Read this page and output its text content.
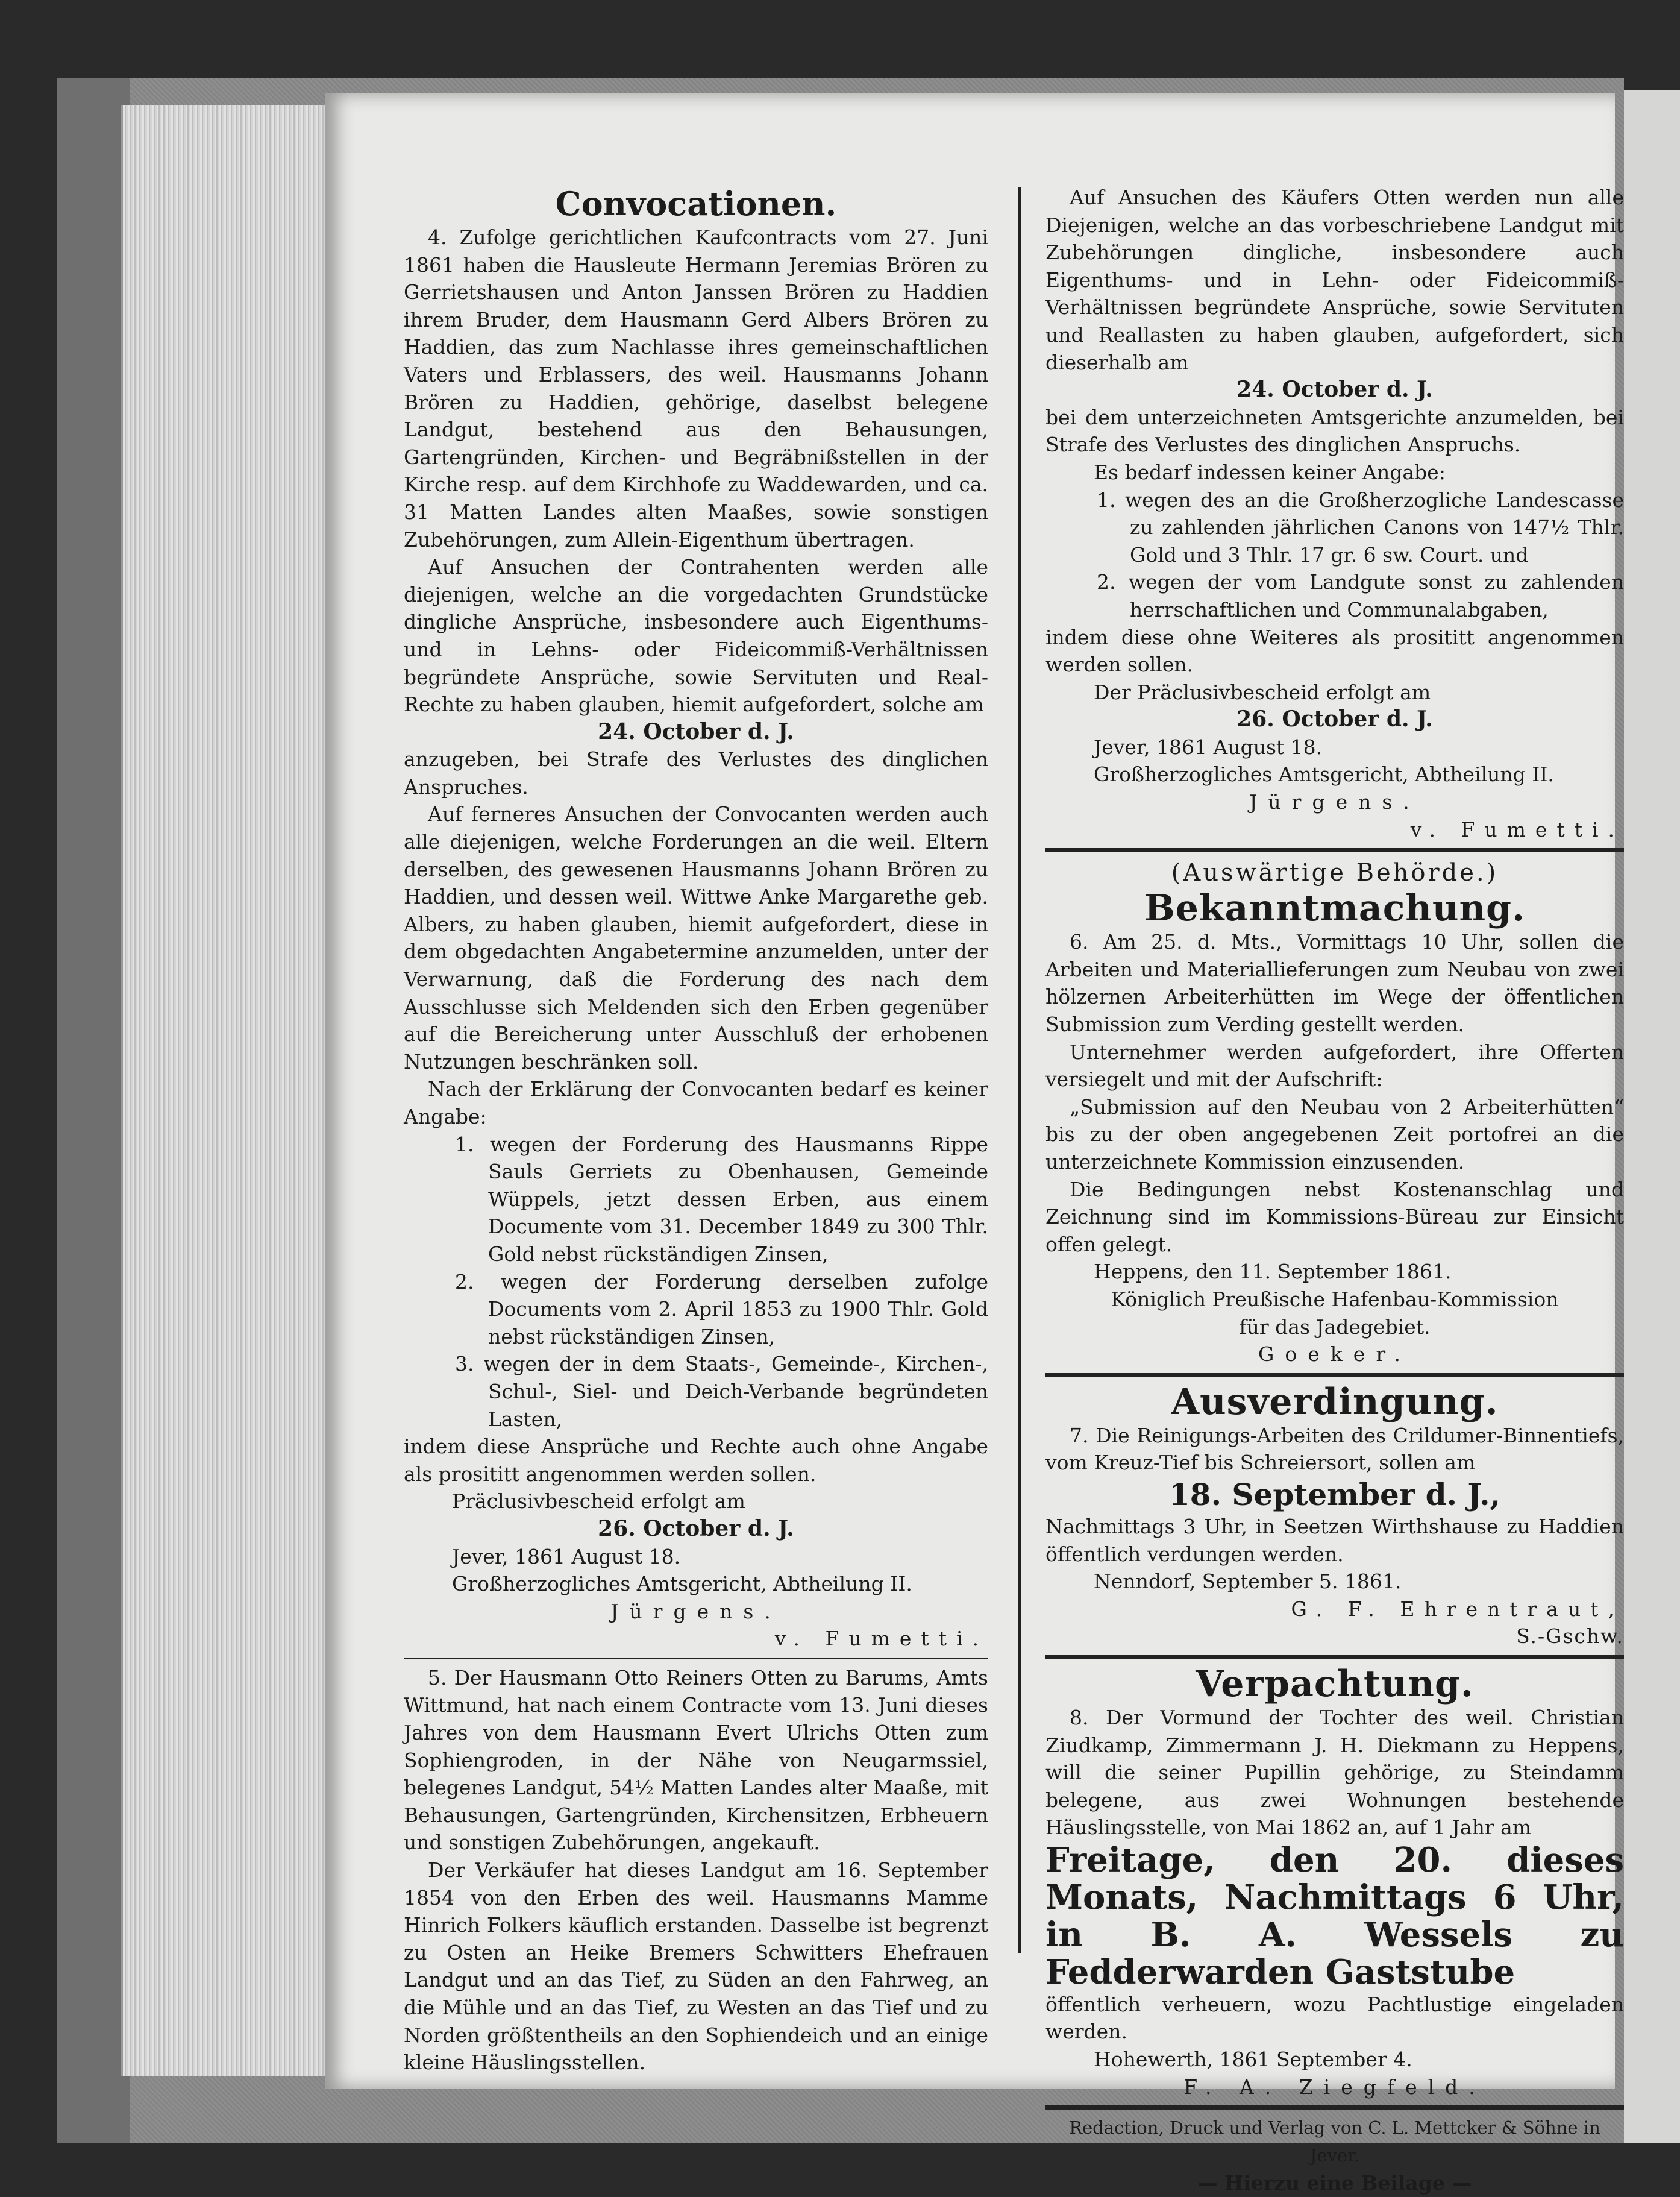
Convocationen.

4. Zufolge gerichtlichen Kaufcontracts vom 27. Juni 1861 haben die Hausleute Hermann Jeremias Brören zu Gerrietshausen und Anton Janssen Brören zu Haddien ihrem Bruder, dem Hausmann Gerd Albers Brören zu Haddien, das zum Nachlasse ihres gemeinschaftlichen Vaters und Erblassers, des weil. Hausmanns Johann Brören zu Haddien, gehörige, daselbst belegene Landgut, bestehend aus den Behausungen, Gartengründen, Kirchen- und Begräbnißstellen in der Kirche resp. auf dem Kirchhofe zu Waddewarden, und ca. 31 Matten Landes alten Maaßes, sowie sonstigen Zubehörungen, zum Allein-Eigenthum übertragen.

Auf Ansuchen der Contrahenten werden alle diejenigen, welche an die vorgedachten Grundstücke dingliche Ansprüche, insbesondere auch Eigenthums- und in Lehns- oder Fideicommiß-Verhältnissen begründete Ansprüche, sowie Servituten und Real-Rechte zu haben glauben, hiemit aufgefordert, solche am

24. October d. J.

anzugeben, bei Strafe des Verlustes des dinglichen Anspruches.

Auf ferneres Ansuchen der Convocanten werden auch alle diejenigen, welche Forderungen an die weil. Eltern derselben, des gewesenen Hausmanns Johann Brören zu Haddien, und dessen weil. Wittwe Anke Margarethe geb. Albers, zu haben glauben, hiemit aufgefordert, diese in dem obgedachten Angabetermine anzumelden, unter der Verwarnung, daß die Forderung des nach dem Ausschlusse sich Meldenden sich den Erben gegenüber auf die Bereicherung unter Ausschluß der erhobenen Nutzungen beschränken soll.

Nach der Erklärung der Convocanten bedarf es keiner Angabe:

1. wegen der Forderung des Hausmanns Rippe Sauls Gerriets zu Obenhausen, Gemeinde Wüppels, jetzt dessen Erben, aus einem Documente vom 31. December 1849 zu 300 Thlr. Gold nebst rückständigen Zinsen,

2. wegen der Forderung derselben zufolge Documents vom 2. April 1853 zu 1900 Thlr. Gold nebst rückständigen Zinsen,

3. wegen der in dem Staats-, Gemeinde-, Kirchen-, Schul-, Siel- und Deich-Verbande begründeten Lasten,

indem diese Ansprüche und Rechte auch ohne Angabe als prosititt angenommen werden sollen.

Präclusivbescheid erfolgt am

26. October d. J.

Jever, 1861 August 18.

Großherzogliches Amtsgericht, Abtheilung II.

Jürgens.

v. Fumetti.

5. Der Hausmann Otto Reiners Otten zu Barums, Amts Wittmund, hat nach einem Contracte vom 13. Juni dieses Jahres von dem Hausmann Evert Ulrichs Otten zum Sophiengroden, in der Nähe von Neugarmssiel, belegenes Landgut, 54½ Matten Landes alter Maaße, mit Behausungen, Gartengründen, Kirchensitzen, Erbheuern und sonstigen Zubehörungen, angekauft.

Der Verkäufer hat dieses Landgut am 16. September 1854 von den Erben des weil. Hausmanns Mamme Hinrich Folkers käuflich erstanden. Dasselbe ist begrenzt zu Osten an Heike Bremers Schwitters Ehefrauen Landgut und an das Tief, zu Süden an den Fahrweg, an die Mühle und an das Tief, zu Westen an das Tief und zu Norden größtentheils an den Sophiendeich und an einige kleine Häuslingsstellen.

Auf Ansuchen des Käufers Otten werden nun alle Diejenigen, welche an das vorbeschriebene Landgut mit Zubehörungen dingliche, insbesondere auch Eigenthums- und in Lehn- oder Fideicommiß-Verhältnissen begründete Ansprüche, sowie Servituten und Reallasten zu haben glauben, aufgefordert, sich dieserhalb am

24. October d. J.

bei dem unterzeichneten Amtsgerichte anzumelden, bei Strafe des Verlustes des dinglichen Anspruchs.

Es bedarf indessen keiner Angabe:

1. wegen des an die Großherzogliche Landescasse zu zahlenden jährlichen Canons von 147½ Thlr. Gold und 3 Thlr. 17 gr. 6 sw. Court. und

2. wegen der vom Landgute sonst zu zahlenden herrschaftlichen und Communalabgaben,

indem diese ohne Weiteres als prosititt angenommen werden sollen.

Der Präclusivbescheid erfolgt am

26. October d. J.

Jever, 1861 August 18.

Großherzogliches Amtsgericht, Abtheilung II.

Jürgens.

v. Fumetti.

(Auswärtige Behörde.)

Bekanntmachung.

6. Am 25. d. Mts., Vormittags 10 Uhr, sollen die Arbeiten und Materiallieferungen zum Neubau von zwei hölzernen Arbeiterhütten im Wege der öffentlichen Submission zum Verding gestellt werden.

Unternehmer werden aufgefordert, ihre Offerten versiegelt und mit der Aufschrift:

„Submission auf den Neubau von 2 Arbeiterhütten“ bis zu der oben angegebenen Zeit portofrei an die unterzeichnete Kommission einzusenden.

Die Bedingungen nebst Kostenanschlag und Zeichnung sind im Kommissions-Büreau zur Einsicht offen gelegt.

Heppens, den 11. September 1861.

Königlich Preußische Hafenbau-Kommission

für das Jadegebiet.

Goeker.

Ausverdingung.

7. Die Reinigungs-Arbeiten des Crildumer-Binnentiefs, vom Kreuz-Tief bis Schreiersort, sollen am

18. September d. J.,

Nachmittags 3 Uhr, in Seetzen Wirthshause zu Haddien öffentlich verdungen werden.

Nenndorf, September 5. 1861.

G. F. Ehrentraut,

S.-Gschw.

Verpachtung.

8. Der Vormund der Tochter des weil. Christian Ziudkamp, Zimmermann J. H. Diekmann zu Heppens, will die seiner Pupillin gehörige, zu Steindamm belegene, aus zwei Wohnungen bestehende Häuslingsstelle, von Mai 1862 an, auf 1 Jahr am

Freitage, den 20. dieses Monats, Nachmittags 6 Uhr, in B. A. Wessels zu Fedderwarden Gaststube

öffentlich verheuern, wozu Pachtlustige eingeladen werden.

Hohewerth, 1861 September 4.

F. A. Ziegfeld.

Redaction, Druck und Verlag von C. L. Mettcker & Söhne in Jever.

— Hierzu eine Beilage —
